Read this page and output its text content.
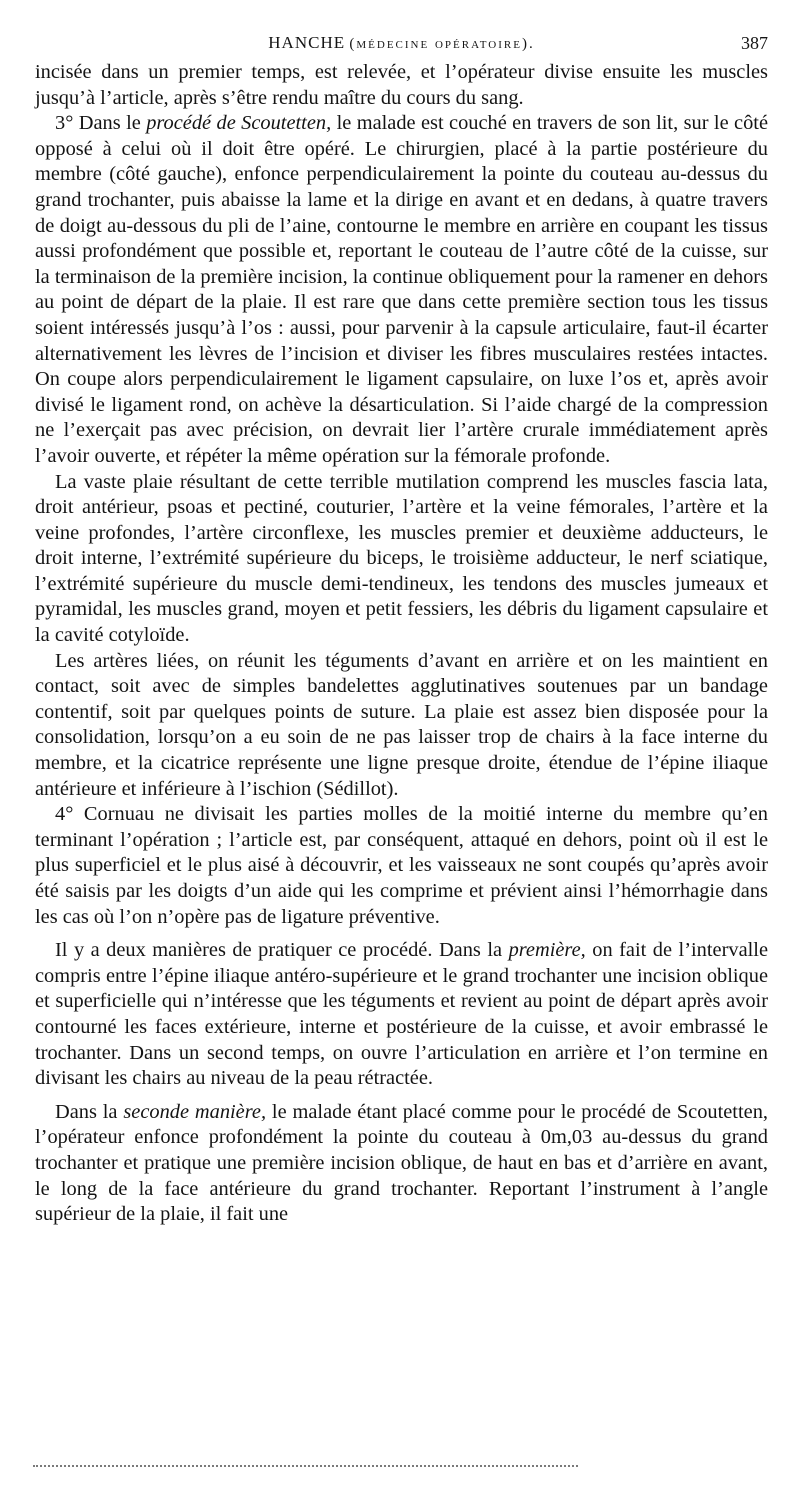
HANCHE (médecine opératoire).	387

incisée dans un premier temps, est relevée, et l’opérateur divise ensuite les muscles jusqu’à l’article, après s’être rendu maître du cours du sang.

3° Dans le procédé de Scoutetten, le malade est couché en travers de son lit, sur le côté opposé à celui où il doit être opéré. Le chirurgien, placé à la partie postérieure du membre (côté gauche), enfonce perpendiculairement la pointe du couteau au-dessus du grand trochanter, puis abaisse la lame et la dirige en avant et en dedans, à quatre travers de doigt au-dessous du pli de l’aine, contourne le membre en arrière en coupant les tissus aussi profondément que possible et, reportant le couteau de l’autre côté de la cuisse, sur la terminaison de la première incision, la continue obliquement pour la ramener en dehors au point de départ de la plaie. Il est rare que dans cette première section tous les tissus soient intéressés jusqu’à l’os : aussi, pour parvenir à la capsule articulaire, faut-il écarter alternativement les lèvres de l’incision et diviser les fibres musculaires restées intactes. On coupe alors perpendiculairement le ligament capsulaire, on luxe l’os et, après avoir divisé le ligament rond, on achève la désarticulation. Si l’aide chargé de la compression ne l’exerçait pas avec précision, on devrait lier l’artère crurale immédiatement après l’avoir ouverte, et répéter la même opération sur la fémorale profonde.

La vaste plaie résultant de cette terrible mutilation comprend les muscles fascia lata, droit antérieur, psoas et pectiné, couturier, l’artère et la veine fémorales, l’artère et la veine profondes, l’artère circonflexe, les muscles premier et deuxième adducteurs, le droit interne, l’extrémité supérieure du biceps, le troisième adducteur, le nerf sciatique, l’extrémité supérieure du muscle demi-tendineux, les tendons des muscles jumeaux et pyramidal, les muscles grand, moyen et petit fessiers, les débris du ligament capsulaire et la cavité cotyloïde.

Les artères liées, on réunit les téguments d’avant en arrière et on les maintient en contact, soit avec de simples bandelettes agglutinatives soutenues par un bandage contentif, soit par quelques points de suture. La plaie est assez bien disposée pour la consolidation, lorsqu’on a eu soin de ne pas laisser trop de chairs à la face interne du membre, et la cicatrice représente une ligne presque droite, étendue de l’épine iliaque antérieure et inférieure à l’ischion (Sédillot).

4° Cornuau ne divisait les parties molles de la moitié interne du membre qu’en terminant l’opération ; l’article est, par conséquent, attaqué en dehors, point où il est le plus superficiel et le plus aisé à découvrir, et les vaisseaux ne sont coupés qu’après avoir été saisis par les doigts d’un aide qui les comprime et prévient ainsi l’hémorrhagie dans les cas où l’on n’opère pas de ligature préventive.

Il y a deux manières de pratiquer ce procédé. Dans la première, on fait de l’intervalle compris entre l’épine iliaque antéro-supérieure et le grand trochanter une incision oblique et superficielle qui n’intéresse que les téguments et revient au point de départ après avoir contourné les faces extérieure, interne et postérieure de la cuisse, et avoir embrassé le trochanter. Dans un second temps, on ouvre l’articulation en arrière et l’on termine en divisant les chairs au niveau de la peau rétractée.

Dans la seconde manière, le malade étant placé comme pour le procédé de Scoutetten, l’opérateur enfonce profondément la pointe du couteau à 0m,03 au-dessus du grand trochanter et pratique une première incision oblique, de haut en bas et d’arrière en avant, le long de la face antérieure du grand trochanter. Reportant l’instrument à l’angle supérieur de la plaie, il fait une
